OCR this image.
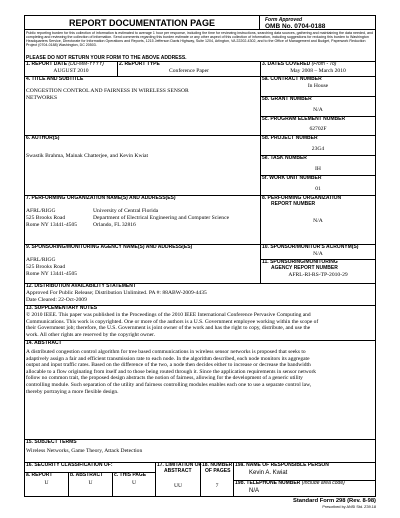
REPORT DOCUMENTATION PAGE	Form Approved
OMB No. 0704-0188
Public reporting burden for this collection of information is estimated to average 1 hour per response, including the time for reviewing instructions, searching data sources, gathering and maintaining the data needed, and completing and reviewing the collection of information. Send comments regarding this burden estimate or any other aspect of this collection of information, including suggestions for reducing this burden to Washington Headquarters Service, Directorate for Information Operations and Reports, 1215 Jefferson Davis Highway, Suite 1204, Arlington, VA 22202-4302, and to the Office of Management and Budget, Paperwork Reduction Project (0704-0188) Washington, DC 20503.
PLEASE DO NOT RETURN YOUR FORM TO THE ABOVE ADDRESS.
1. REPORT DATE (DD-MM-YYYY)
AUGUST 2010
2. REPORT TYPE
Conference Paper
3. DATES COVERED (From - To)
May 2008 – March 2010
4. TITLE AND SUBTITLE
CONGESTION CONTROL AND FAIRNESS IN WIRELESS SENSOR
NETWORKS
5a. CONTRACT NUMBER
In House
5b. GRANT NUMBER
N/A
5c. PROGRAM ELEMENT NUMBER
62702F
6. AUTHOR(S)
Swastik Brahma, Mainak Chatterjee, and Kevin Kwiat
5d. PROJECT NUMBER
23G4
5e. TASK NUMBER
IH
5f. WORK UNIT NUMBER
01
7. PERFORMING ORGANIZATION NAME(S) AND ADDRESS(ES)
AFRL/RIGG
525 Brooks Road
Rome NY 13441-4505
University of Central Florida
Department of Electrical Engineering and Computer Science
Orlando, FL 32816
8. PERFORMING ORGANIZATION
REPORT NUMBER
N/A
9. SPONSORING/MONITORING AGENCY NAME(S) AND ADDRESS(ES)
AFRL/RIGG
525 Brooks Road
Rome NY 13441-4505
10. SPONSOR/MONITOR'S ACRONYM(S)
N/A
11. SPONSORING/MONITORING
AGENCY REPORT NUMBER
AFRL-RI-RS-TP-2010-29
12. DISTRIBUTION AVAILABILITY STATEMENT
Approved For Public Release; Distribution Unlimited. PA #: 88ABW-2009-4435
Date Cleared: 22-Oct-2009
13. SUPPLEMENTARY NOTES
© 2010 IEEE. This paper was published in the Proceedings of the 2010 IEEE International Conference Pervasive Computing and
Communications. This work is copyrighted. One or more of the authors is a U.S. Government employee working within the scope of
their Government job; therefore, the U.S. Government is joint owner of the work and has the right to copy, distribute, and use the
work. All other rights are reserved by the copyright owner.
14. ABSTRACT
A distributed congestion control algorithm for tree based communications in wireless sensor networks is proposed that seeks to
adaptively assign a fair and efficient transmission rate to each node. In the algorithm described, each node monitors its aggregate
output and input traffic rates. Based on the difference of the two, a node then decides either to increase or decrease the bandwidth
allocable to a flow originating from itself and to those being routed through it. Since the application requirements in sensor network
follow no common trait, the proposed design abstracts the notion of fairness, allowing for the development of a generic utility
controlling module. Such separation of the utility and fairness controlling modules enables each one to use a separate control law,
thereby portraying a more flexible design.
15. SUBJECT TERMS
Wireless Networks, Game Theory, Attack Detection
16. SECURITY CLASSIFICATION OF:
a. REPORT
U
b. ABSTRACT
U
c. THIS PAGE
U
17. LIMITATION OF
ABSTRACT
UU
18. NUMBER
OF PAGES
7
19a. NAME OF RESPONSIBLE PERSON
Kevin A. Kwiat
19b. TELEPHONE NUMBER (Include area code)
N/A
Standard Form 298 (Rev. 8-98)
Prescribed by ANSI Std. Z39.18
